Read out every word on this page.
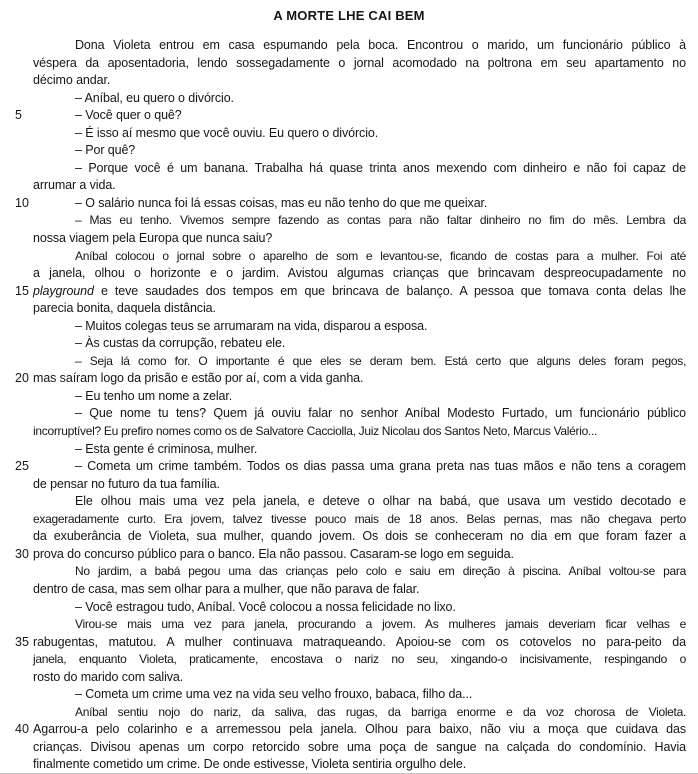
A MORTE LHE CAI BEM
Dona Violeta entrou em casa espumando pela boca. Encontrou o marido, um funcionário público à
véspera da aposentadoria, lendo sossegadamente o jornal acomodado na poltrona em seu apartamento no
décimo andar.
– Aníbal, eu quero o divórcio.
5	– Você quer o quê?
– É isso aí mesmo que você ouviu. Eu quero o divórcio.
– Por quê?
– Porque você é um banana. Trabalha há quase trinta anos mexendo com dinheiro e não foi capaz de
arrumar a vida.
10	– O salário nunca foi lá essas coisas, mas eu não tenho do que me queixar.
– Mas eu tenho. Vivemos sempre fazendo as contas para não faltar dinheiro no fim do mês. Lembra da
nossa viagem pela Europa que nunca saiu?
Aníbal colocou o jornal sobre o aparelho de som e levantou-se, ficando de costas para a mulher. Foi até
a janela, olhou o horizonte e o jardim. Avistou algumas crianças que brincavam despreocupadamente no
15 playground e teve saudades dos tempos em que brincava de balanço. A pessoa que tomava conta delas lhe
parecia bonita, daquela distância.
– Muitos colegas teus se arrumaram na vida, disparou a esposa.
– Às custas da corrupção, rebateu ele.
– Seja lá como for. O importante é que eles se deram bem. Está certo que alguns deles foram pegos,
20 mas saíram logo da prisão e estão por aí, com a vida ganha.
– Eu tenho um nome a zelar.
– Que nome tu tens? Quem já ouviu falar no senhor Aníbal Modesto Furtado, um funcionário público
incorruptível? Eu prefiro nomes como os de Salvatore Cacciolla, Juiz Nicolau dos Santos Neto, Marcus Valério...
– Esta gente é criminosa, mulher.
25	– Cometa um crime também. Todos os dias passa uma grana preta nas tuas mãos e não tens a coragem
de pensar no futuro da tua família.
Ele olhou mais uma vez pela janela, e deteve o olhar na babá, que usava um vestido decotado e
exageradamente curto. Era jovem, talvez tivesse pouco mais de 18 anos. Belas pernas, mas não chegava perto
da exuberância de Violeta, sua mulher, quando jovem. Os dois se conheceram no dia em que foram fazer a
30 prova do concurso público para o banco. Ela não passou. Casaram-se logo em seguida.
No jardim, a babá pegou uma das crianças pelo colo e saiu em direção à piscina. Aníbal voltou-se para
dentro de casa, mas sem olhar para a mulher, que não parava de falar.
– Você estragou tudo, Aníbal. Você colocou a nossa felicidade no lixo.
Virou-se mais uma vez para janela, procurando a jovem. As mulheres jamais deveriam ficar velhas e
35 rabugentas, matutou. A mulher continuava matraqueando. Apoiou-se com os cotovelos no para-peito da
janela, enquanto Violeta, praticamente, encostava o nariz no seu, xingando-o incisivamente, respingando o
rosto do marido com saliva.
– Cometa um crime uma vez na vida seu velho frouxo, babaca, filho da...
Aníbal sentiu nojo do nariz, da saliva, das rugas, da barriga enorme e da voz chorosa de Violeta.
40 Agarrou-a pelo colarinho e a arremessou pela janela. Olhou para baixo, não viu a moça que cuidava das
crianças. Divisou apenas um corpo retorcido sobre uma poça de sangue na calçada do condomínio. Havia
finalmente cometido um crime. De onde estivesse, Violeta sentiria orgulho dele.
